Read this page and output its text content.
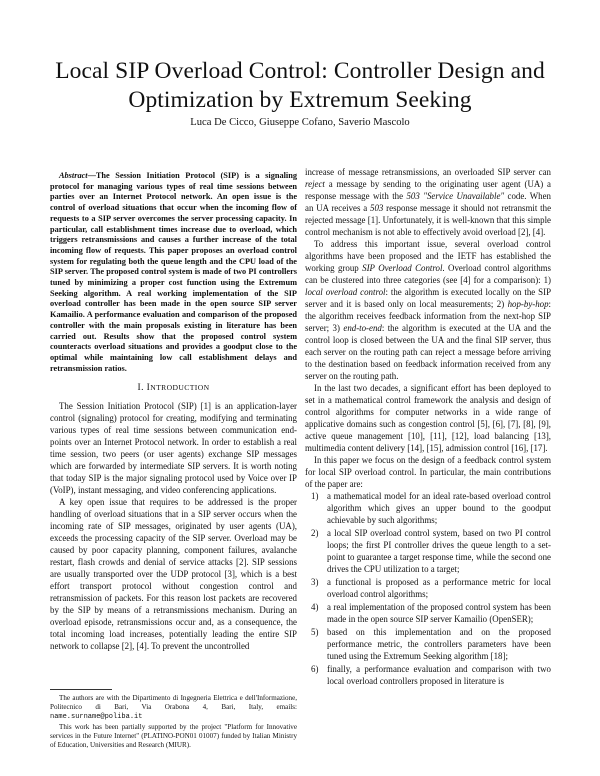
Local SIP Overload Control: Controller Design and Optimization by Extremum Seeking
Luca De Cicco, Giuseppe Cofano, Saverio Mascolo

Abstract—The Session Initiation Protocol (SIP) is a signaling protocol for managing various types of real time sessions between parties over an Internet Protocol network. An open issue is the control of overload situations that occur when the incoming flow of requests to a SIP server overcomes the server processing capacity. In particular, call establishment times increase due to overload, which triggers retransmissions and causes a further increase of the total incoming flow of requests. This paper proposes an overload control system for regulating both the queue length and the CPU load of the SIP server. The proposed control system is made of two PI controllers tuned by minimizing a proper cost function using the Extremum Seeking algorithm. A real working implementation of the SIP overload controller has been made in the open source SIP server Kamailio. A performance evaluation and comparison of the proposed controller with the main proposals existing in literature has been carried out. Results show that the proposed control system counteracts overload situations and provides a goodput close to the optimal while maintaining low call establishment delays and retransmission ratios.

I. INTRODUCTION

The Session Initiation Protocol (SIP) [1] is an application-layer control (signaling) protocol for creating, modifying and terminating various types of real time sessions between communication end-points over an Internet Protocol network. In order to establish a real time session, two peers (or user agents) exchange SIP messages which are forwarded by intermediate SIP servers. It is worth noting that today SIP is the major signaling protocol used by Voice over IP (VoIP), instant messaging, and video conferencing applications.

A key open issue that requires to be addressed is the proper handling of overload situations that in a SIP server occurs when the incoming rate of SIP messages, originated by user agents (UA), exceeds the processing capacity of the SIP server. Overload may be caused by poor capacity planning, component failures, avalanche restart, flash crowds and denial of service attacks [2]. SIP sessions are usually transported over the UDP protocol [3], which is a best effort transport protocol without congestion control and retransmission of packets. For this reason lost packets are recovered by the SIP by means of a retransmissions mechanism. During an overload episode, retransmissions occur and, as a consequence, the total incoming load increases, potentially leading the entire SIP network to collapse [2], [4]. To prevent the uncontrolled

The authors are with the Dipartimento di Ingegneria Elettrica e dell'Informazione, Politecnico di Bari, Via Orabona 4, Bari, Italy, emails: name.surname@poliba.it

This work has been partially supported by the project "Platform for Innovative services in the Future Internet" (PLATINO-PON01 01007) funded by Italian Ministry of Education, Universities and Research (MIUR).

increase of message retransmissions, an overloaded SIP server can reject a message by sending to the originating user agent (UA) a response message with the 503 "Service Unavailable" code. When an UA receives a 503 response message it should not retransmit the rejected message [1]. Unfortunately, it is well-known that this simple control mechanism is not able to effectively avoid overload [2], [4].

To address this important issue, several overload control algorithms have been proposed and the IETF has established the working group SIP Overload Control. Overload control algorithms can be clustered into three categories (see [4] for a comparison): 1) local overload control: the algorithm is executed locally on the SIP server and it is based only on local measurements; 2) hop-by-hop: the algorithm receives feedback information from the next-hop SIP server; 3) end-to-end: the algorithm is executed at the UA and the control loop is closed between the UA and the final SIP server, thus each server on the routing path can reject a message before arriving to the destination based on feedback information received from any server on the routing path.

In the last two decades, a significant effort has been deployed to set in a mathematical control framework the analysis and design of control algorithms for computer networks in a wide range of applicative domains such as congestion control [5], [6], [7], [8], [9], active queue management [10], [11], [12], load balancing [13], multimedia content delivery [14], [15], admission control [16], [17].

In this paper we focus on the design of a feedback control system for local SIP overload control. In particular, the main contributions of the paper are:

1) a mathematical model for an ideal rate-based overload control algorithm which gives an upper bound to the goodput achievable by such algorithms;
2) a local SIP overload control system, based on two PI control loops; the first PI controller drives the queue length to a set-point to guarantee a target response time, while the second one drives the CPU utilization to a target;
3) a functional is proposed as a performance metric for local overload control algorithms;
4) a real implementation of the proposed control system has been made in the open source SIP server Kamailio (OpenSER);
5) based on this implementation and on the proposed performance metric, the controllers parameters have been tuned using the Extremum Seeking algorithm [18];
6) finally, a performance evaluation and comparison with two local overload controllers proposed in literature is
